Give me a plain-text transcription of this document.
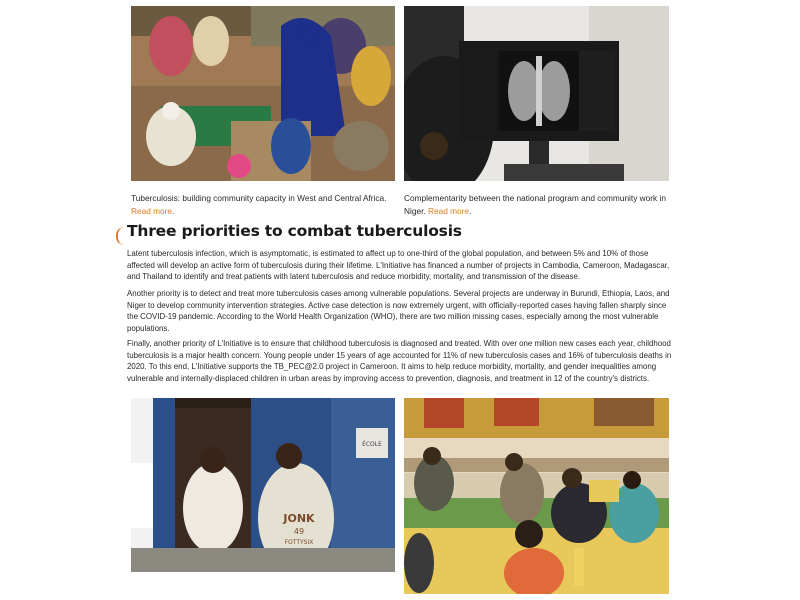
Tuberculosis: building community capacity in West and Central Africa. Read more.
Complementarity between the national program and community work in Niger. Read more.
Three priorities to combat tuberculosis

Latent tuberculosis infection, which is asymptomatic, is estimated to affect up to one-third of the global population, and between 5% and 10% of those affected will develop an active form of tuberculosis during their lifetime. L'Initiative has financed a number of projects in Cambodia, Cameroon, Madagascar, and Thailand to identify and treat patients with latent tuberculosis and reduce morbidity, mortality, and transmission of the disease.

Another priority is to detect and treat more tuberculosis cases among vulnerable populations. Several projects are underway in Burundi, Ethiopia, Laos, and Niger to develop community intervention strategies. Active case detection is now extremely urgent, with officially-reported cases having fallen sharply since the COVID-19 pandemic. According to the World Health Organization (WHO), there are two million missing cases, especially among the most vulnerable populations.

Finally, another priority of L'Initiative is to ensure that childhood tuberculosis is diagnosed and treated. With over one million new cases each year, childhood tuberculosis is a major health concern. Young people under 15 years of age accounted for 11% of new tuberculosis cases and 16% of tuberculosis deaths in 2020. To this end, L'Initiative supports the TB_PEC@2.0 project in Cameroon. It aims to help reduce morbidity, mortality, and gender inequalities among vulnerable and internally-displaced children in urban areas by improving access to prevention, diagnosis, and treatment in 12 of the country's districts.

ÉCOLE
JONK
49
FOTTYSIX
